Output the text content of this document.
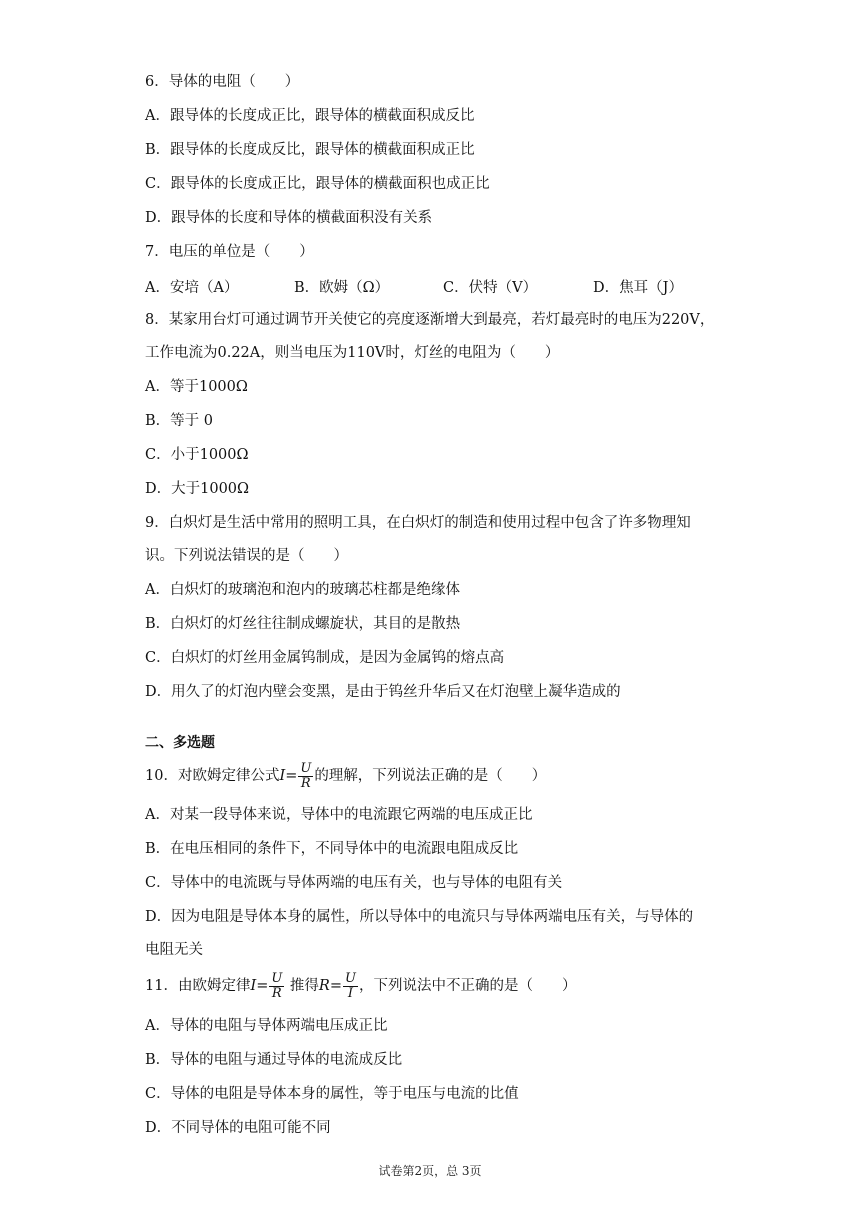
6．导体的电阻（　　）
A．跟导体的长度成正比，跟导体的横截面积成反比
B．跟导体的长度成反比，跟导体的横截面积成正比
C．跟导体的长度成正比，跟导体的横截面积也成正比
D．跟导体的长度和导体的横截面积没有关系
7．电压的单位是（　　）
A．安培（A）	B．欧姆（Ω）	C．伏特（V）	D．焦耳（J）
8．某家用台灯可通过调节开关使它的亮度逐渐增大到最亮，若灯最亮时的电压为220V，
工作电流为0.22A，则当电压为110V时，灯丝的电阻为（　　）
A．等于1000Ω
B．等于 0
C．小于1000Ω
D．大于1000Ω
9．白炽灯是生活中常用的照明工具，在白炽灯的制造和使用过程中包含了许多物理知
识。下列说法错误的是（　　）
A．白炽灯的玻璃泡和泡内的玻璃芯柱都是绝缘体
B．白炽灯的灯丝往往制成螺旋状，其目的是散热
C．白炽灯的灯丝用金属钨制成，是因为金属钨的熔点高
D．用久了的灯泡内壁会变黑，是由于钨丝升华后又在灯泡壁上凝华造成的
二、多选题
10．对欧姆定律公式$I= \frac{U}{R}$ 的理解，下列说法正确的是（　　）
A．对某一段导体来说，导体中的电流跟它两端的电压成正比
B．在电压相同的条件下，不同导体中的电流跟电阻成反比
C．导体中的电流既与导体两端的电压有关，也与导体的电阻有关
D．因为电阻是导体本身的属性，所以导体中的电流只与导体两端电压有关，与导体的
电阻无关
11．由欧姆定律$I= \frac{U}{R}$ 推得$R= \frac{U}{I}$ ，下列说法中不正确的是（　　）
A．导体的电阻与导体两端电压成正比
B．导体的电阻与通过导体的电流成反比
C．导体的电阻是导体本身的属性，等于电压与电流的比值
D．不同导体的电阻可能不同
试卷第2页，总 3页
